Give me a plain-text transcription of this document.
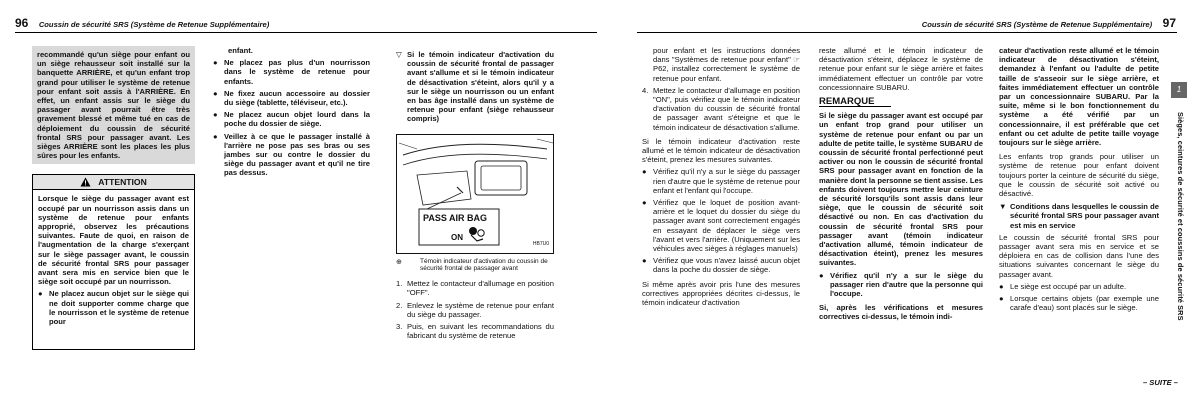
96 Coussin de sécurité SRS (Système de Retenue Supplémentaire)
recommandé qu'un siège pour enfant ou un siège rehausseur soit installé sur la banquette ARRIÈRE, et qu'un enfant trop grand pour utiliser le système de retenue pour enfant soit assis à l'ARRIÈRE. En effet, un enfant assis sur le siège du passager avant pourrait être très gravement blessé et même tué en cas de déploiement du coussin de sécurité frontal SRS pour passager avant. Les sièges ARRIÈRE sont les places les plus sûres pour les enfants.
ATTENTION

Lorsque le siège du passager avant est occupé par un nourrisson assis dans un système de retenue pour enfants approprié, observez les précautions suivantes. Faute de quoi, en raison de l'augmentation de la charge s'exerçant sur le siège passager avant, le coussin de sécurité frontal SRS pour passager avant sera mis en service bien que le siège soit occupé par un nourrisson.

● Ne placez aucun objet sur le siège qui ne doit supporter comme charge que le nourrisson et le système de retenue pour

enfant.

● Ne placez pas plus d'un nourrisson dans le système de retenue pour enfants.
● Ne fixez aucun accessoire au dossier du siège (tablette, téléviseur, etc.).
● Ne placez aucun objet lourd dans la poche du dossier de siège.
● Veillez à ce que le passager installé à l'arrière ne pose pas ses bras ou ses jambes sur ou contre le dossier du siège du passager avant et qu'il ne tire pas dessus.
▽ Si le témoin indicateur d'activation du coussin de sécurité frontal de passager avant s'allume et si le témoin indicateur de désactivation s'éteint, alors qu'il y a sur le siège un nourrisson ou un enfant en bas âge installé dans un système de retenue pour enfant (siège rehausseur compris)
PASS AIR BAG
ON
HB7U0
⊕	Témoin indicateur d'activation du coussin de sécurité frontal de passager avant
1. Mettez le contacteur d'allumage en position "OFF".
2. Enlevez le système de retenue pour enfant du siège du passager.
3. Puis, en suivant les recommandations du fabricant du système de retenue
Coussin de sécurité SRS (Système de Retenue Supplémentaire) 97

pour enfant et les instructions données dans "Systèmes de retenue pour enfant" ☞P62, installez correctement le système de retenue pour enfant.

4. Mettez le contacteur d'allumage en position "ON", puis vérifiez que le témoin indicateur d'activation du coussin de sécurité frontal de passager avant s'éteigne et que le témoin indicateur de désactivation s'allume.

Si le témoin indicateur d'activation reste allumé et le témoin indicateur de désactivation s'éteint, prenez les mesures suivantes.

● Vérifiez qu'il n'y a sur le siège du passager rien d'autre que le système de retenue pour enfant et l'enfant qui l'occupe.
● Vérifiez que le loquet de position avant-arrière et le loquet du dossier du siège du passager avant sont correctement engagés en essayant de déplacer le siège vers l'avant et vers l'arrière. (Uniquement sur les véhicules avec sièges à réglages manuels)
● Vérifiez que vous n'avez laissé aucun objet dans la poche du dossier de siège.

Si même après avoir pris l'une des mesures correctives appropriées décrites ci-dessus, le témoin indicateur d'activation

reste allumé et le témoin indicateur de désactivation s'éteint, déplacez le système de retenue pour enfant sur le siège arrière et faites immédiatement effectuer un contrôle par votre concessionnaire SUBARU.

REMARQUE

Si le siège du passager avant est occupé par un enfant trop grand pour utiliser un système de retenue pour enfant ou par un adulte de petite taille, le système SUBARU de coussin de sécurité frontal perfectionné peut activer ou non le coussin de sécurité frontal SRS pour passager avant en fonction de la manière dont la personne se tient assise. Les enfants doivent toujours mettre leur ceinture de sécurité lorsqu'ils sont assis dans leur siège, que le coussin de sécurité soit désactivé ou non. En cas d'activation du coussin de sécurité frontal SRS pour passager avant (témoin indicateur d'activation allumé, témoin indicateur de désactivation éteint), prenez les mesures suivantes.

● Vérifiez qu'il n'y a sur le siège du passager rien d'autre que la personne qui l'occupe.

Si, après les vérifications et mesures correctives ci-dessus, le témoin indi-

cateur d'activation reste allumé et le témoin indicateur de désactivation s'éteint, demandez à l'enfant ou l'adulte de petite taille de s'asseoir sur le siège arrière, et faites immédiatement effectuer un contrôle par un concessionnaire SUBARU. Par la suite, même si le bon fonctionnement du système a été vérifié par un concessionnaire, il est préférable que cet enfant ou cet adulte de petite taille voyage toujours sur le siège arrière.

Les enfants trop grands pour utiliser un système de retenue pour enfant doivent toujours porter la ceinture de sécurité du siège, que le coussin de sécurité soit activé ou désactivé.

▼ Conditions dans lesquelles le coussin de sécurité frontal SRS pour passager avant est mis en service

Le coussin de sécurité frontal SRS pour passager avant sera mis en service et se déploiera en cas de collision dans l'une des situations suivantes concernant le siège du passager avant.

● Le siège est occupé par un adulte.
● Lorsque certains objets (par exemple une carafe d'eau) sont placés sur le siège.
1
Sièges, ceintures de sécurité et coussins de sécurité SRS
– SUITE –
